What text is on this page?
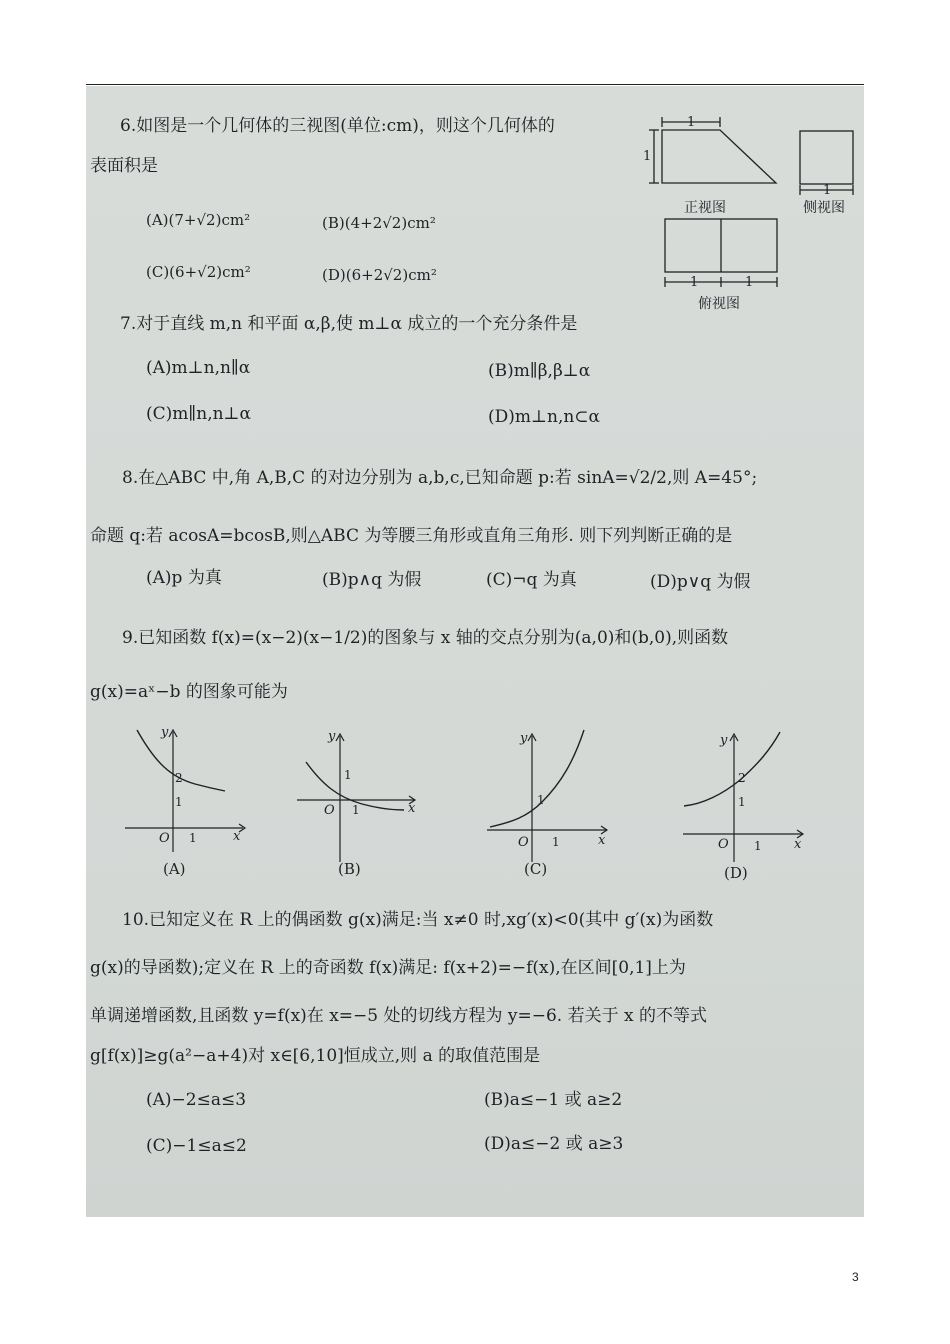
6.如图是一个几何体的三视图(单位:cm)，则这个几何体的
表面积是
(A)(7+√2)cm²	(B)(4+2√2)cm²
(C)(6+√2)cm²	(D)(6+2√2)cm²
1
1
1
1	1
正视图	侧视图
俯视图
7.对于直线 m,n 和平面 α,β,使 m⊥α 成立的一个充分条件是
(A)m⊥n,n∥α	(B)m∥β,β⊥α
(C)m∥n,n⊥α	(D)m⊥n,n⊂α
8.在△ABC 中,角 A,B,C 的对边分别为 a,b,c,已知命题 p:若 sinA=√2/2,则 A=45°;
命题 q:若 acosA=bcosB,则△ABC 为等腰三角形或直角三角形. 则下列判断正确的是
(A)p 为真	(B)p∧q 为假	(C)¬q 为真	(D)p∨q 为假
9.已知函数 f(x)=(x−2)(x−1/2)的图象与 x 轴的交点分别为(a,0)和(b,0),则函数
g(x)=aˣ−b 的图象可能为
y
x
O
2
1
1
(A)
y
x
O
1
1
(B)
y
x
O
1
1
(C)
y
x
O
2
1
1
(D)
10.已知定义在 R 上的偶函数 g(x)满足:当 x≠0 时,xg′(x)<0(其中 g′(x)为函数
g(x)的导函数);定义在 R 上的奇函数 f(x)满足: f(x+2)=−f(x),在区间[0,1]上为
单调递增函数,且函数 y=f(x)在 x=−5 处的切线方程为 y=−6. 若关于 x 的不等式
g[f(x)]≥g(a²−a+4)对 x∈[6,10]恒成立,则 a 的取值范围是
(A)−2≤a≤3	(B)a≤−1 或 a≥2
(C)−1≤a≤2	(D)a≤−2 或 a≥3
3
